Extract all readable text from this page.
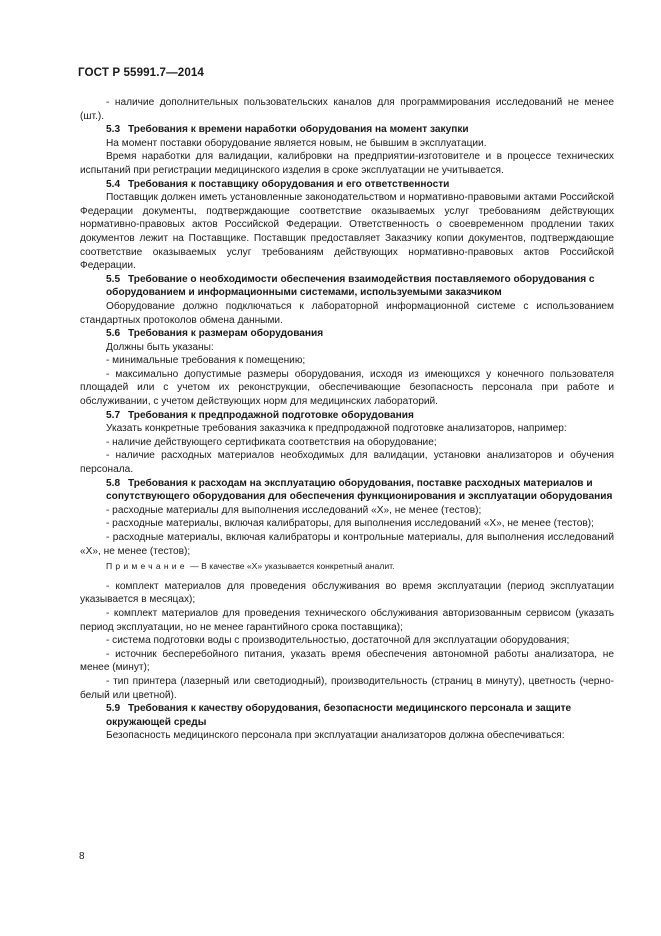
ГОСТ Р 55991.7—2014

- наличие дополнительных пользовательских каналов для программирования исследований не менее (шт.).

5.3 Требования к времени наработки оборудования на момент закупки

На момент поставки оборудование является новым, не бывшим в эксплуатации.

Время наработки для валидации, калибровки на предприятии-изготовителе и в процессе технических испытаний при регистрации медицинского изделия в сроке эксплуатации не учитывается.

5.4 Требования к поставщику оборудования и его ответственности

Поставщик должен иметь установленные законодательством и нормативно-правовыми актами Российской Федерации документы, подтверждающие соответствие оказываемых услуг требованиям действующих нормативно-правовых актов Российской Федерации. Ответственность о своевременном продлении таких документов лежит на Поставщике. Поставщик предоставляет Заказчику копии документов, подтверждающие соответствие оказываемых услуг требованиям действующих нормативно-правовых актов Российской Федерации.

5.5 Требование о необходимости обеспечения взаимодействия поставляемого оборудования с оборудованием и информационными системами, используемыми заказчиком

Оборудование должно подключаться к лабораторной информационной системе с использованием стандартных протоколов обмена данными.

5.6 Требования к размерам оборудования

Должны быть указаны:

- минимальные требования к помещению;

- максимально допустимые размеры оборудования, исходя из имеющихся у конечного пользователя площадей или с учетом их реконструкции, обеспечивающие безопасность персонала при работе и обслуживании, с учетом действующих норм для медицинских лабораторий.

5.7 Требования к предпродажной подготовке оборудования

Указать конкретные требования заказчика к предпродажной подготовке анализаторов, например:

- наличие действующего сертификата соответствия на оборудование;

- наличие расходных материалов необходимых для валидации, установки анализаторов и обучения персонала.

5.8 Требования к расходам на эксплуатацию оборудования, поставке расходных материалов и сопутствующего оборудования для обеспечения функционирования и эксплуатации оборудования

- расходные материалы для выполнения исследований «X», не менее (тестов);

- расходные материалы, включая калибраторы, для выполнения исследований «X», не менее (тестов);

- расходные материалы, включая калибраторы и контрольные материалы, для выполнения исследований «X», не менее (тестов);

Примечание — В качестве «X» указывается конкретный аналит.

- комплект материалов для проведения обслуживания во время эксплуатации (период эксплуатации указывается в месяцах);

- комплект материалов для проведения технического обслуживания авторизованным сервисом (указать период эксплуатации, но не менее гарантийного срока поставщика);

- система подготовки воды с производительностью, достаточной для эксплуатации оборудования;

- источник бесперебойного питания, указать время обеспечения автономной работы анализатора, не менее (минут);

- тип принтера (лазерный или светодиодный), производительность (страниц в минуту), цветность (черно-белый или цветной).

5.9 Требования к качеству оборудования, безопасности медицинского персонала и защите окружающей среды

Безопасность медицинского персонала при эксплуатации анализаторов должна обеспечиваться:

8
